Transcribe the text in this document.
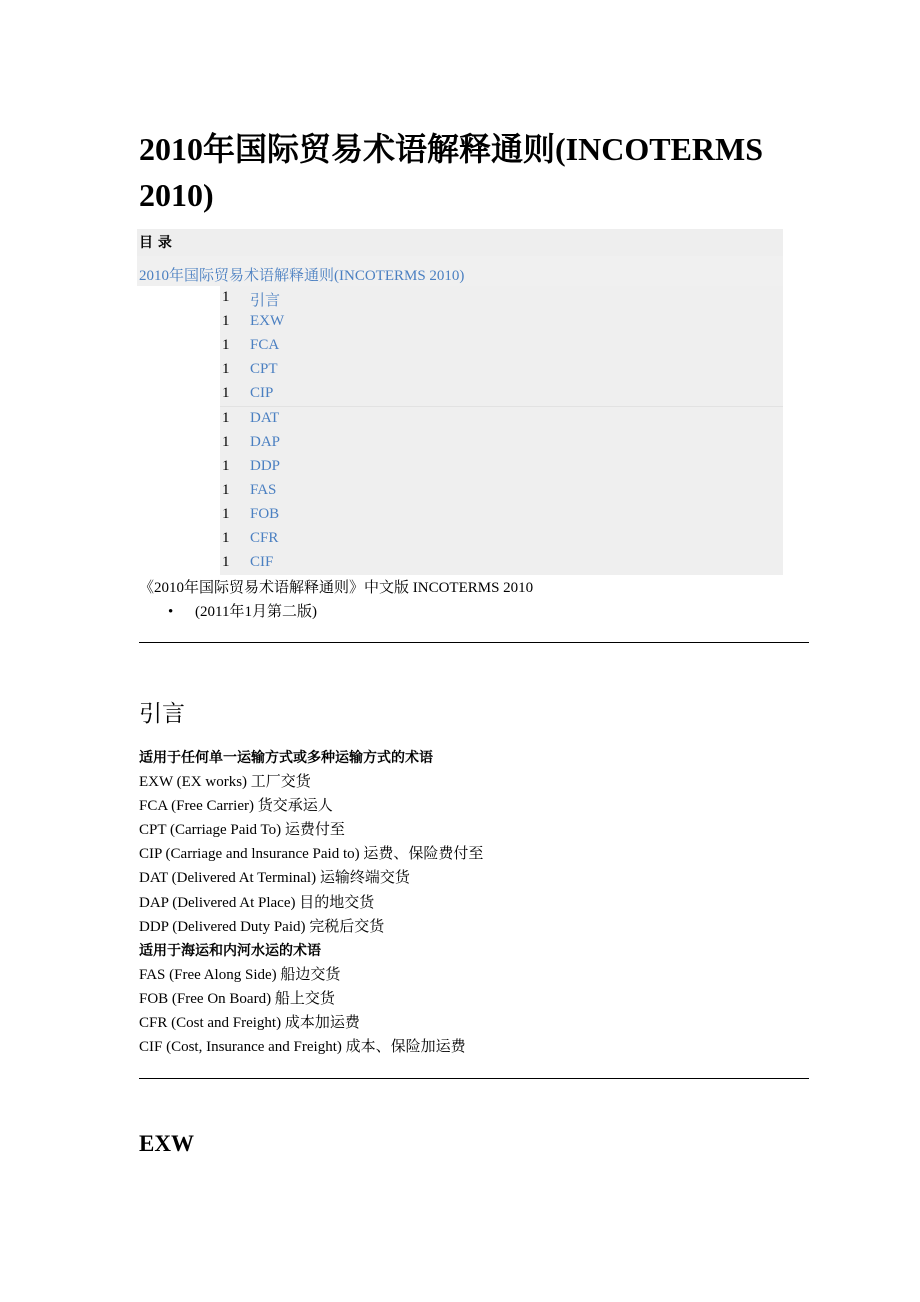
2010年国际贸易术语解释通则(INCOTERMS 2010)
目 录
2010年国际贸易术语解释通则(INCOTERMS 2010)
1 引言
1 EXW
1 FCA
1 CPT
1 CIP
1 DAT
1 DAP
1 DDP
1 FAS
1 FOB
1 CFR
1 CIF
《2010年国际贸易术语解释通则》中文版 INCOTERMS 2010
• (2011年1月第二版)
引言
适用于任何单一运输方式或多种运输方式的术语
EXW (EX works) 工厂交货
FCA (Free Carrier) 货交承运人
CPT (Carriage Paid To) 运费付至
CIP (Carriage and lnsurance Paid to) 运费、保险费付至
DAT (Delivered At Terminal) 运输终端交货
DAP (Delivered At Place) 目的地交货
DDP (Delivered Duty Paid) 完税后交货
适用于海运和内河水运的术语
FAS (Free Along Side) 船边交货
FOB (Free On Board) 船上交货
CFR (Cost and Freight) 成本加运费
CIF (Cost, Insurance and Freight) 成本、保险加运费
EXW
